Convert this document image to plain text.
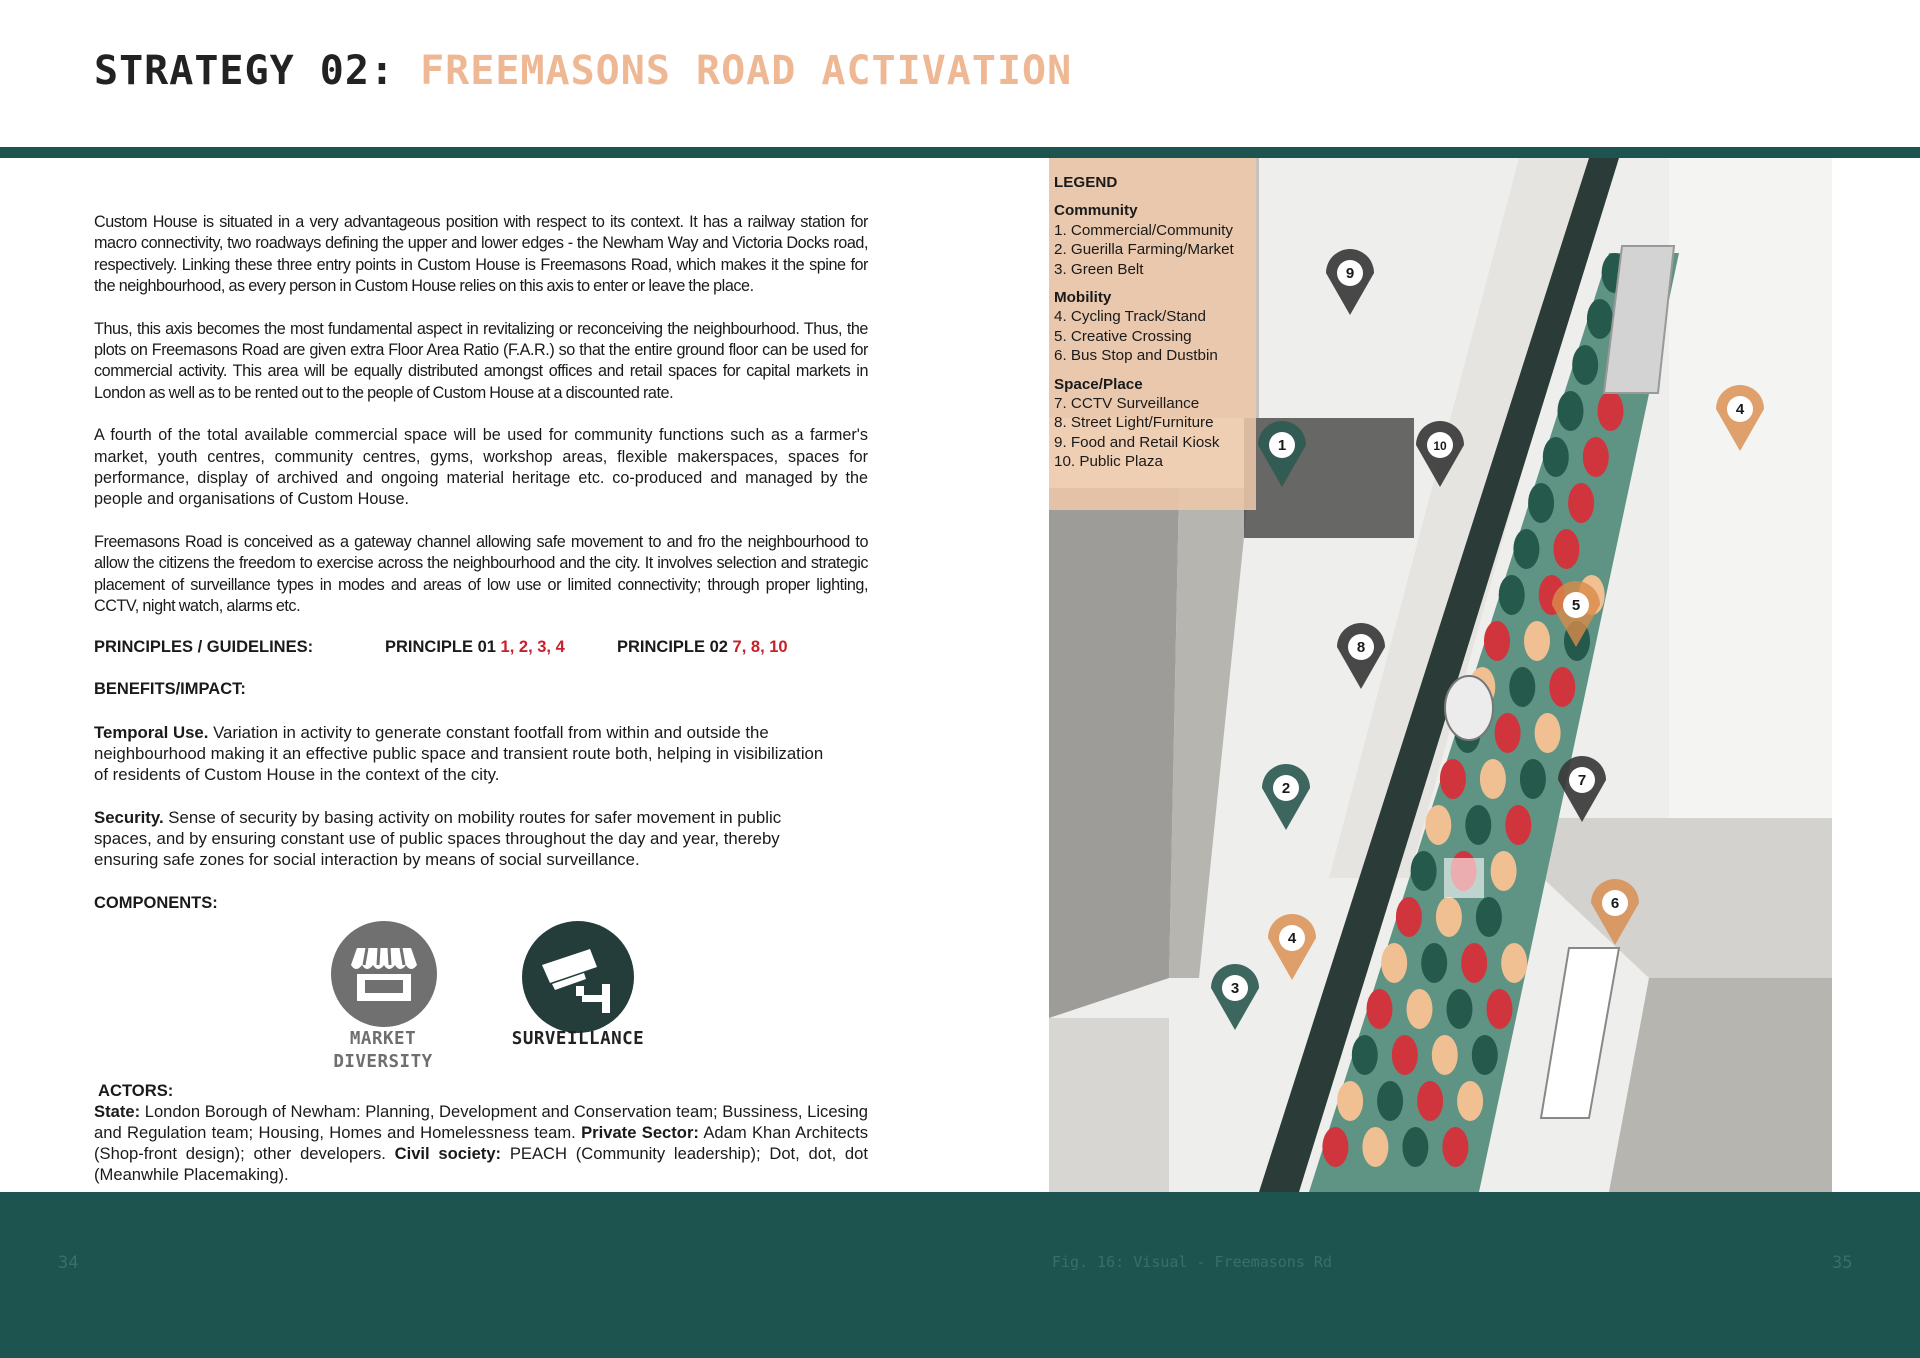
STRATEGY 02: FREEMASONS ROAD ACTIVATION

Custom House is situated in a very advantageous position with respect to its context. It has a railway station for macro connectivity, two roadways defining the upper and lower edges - the Newham Way and Victoria Docks road, respectively. Linking these three entry points in Custom House is Freemasons Road, which makes it the spine for the neighbourhood, as every person in Custom House relies on this axis to enter or leave the place.

Thus, this axis becomes the most fundamental aspect in revitalizing or reconceiving the neighbourhood. Thus, the plots on Freemasons Road are given extra Floor Area Ratio (F.A.R.) so that the entire ground floor can be used for commercial activity. This area will be equally distributed amongst offices and retail spaces for capital markets in London as well as to be rented out to the people of Custom House at a discounted rate.

A fourth of the total available commercial space will be used for community functions such as a farmer's market, youth centres, community centres, gyms, workshop areas, flexible makerspaces, spaces for performance, display of archived and ongoing material heritage etc. co-produced and managed by the people and organisations of Custom House.

Freemasons Road is conceived as a gateway channel allowing safe movement to and fro the neighbourhood to allow the citizens the freedom to exercise across the neighbourhood and the city. It involves selection and strategic placement of surveillance types in modes and areas of low use or limited connectivity; through proper lighting, CCTV, night watch, alarms etc.

PRINCIPLES / GUIDELINES:	PRINCIPLE 01 1, 2, 3, 4	PRINCIPLE 02 7, 8, 10
BENEFITS/IMPACT:
Temporal Use. Variation in activity to generate constant footfall from within and outside the neighbourhood making it an effective public space and transient route both, helping in visibilization of residents of Custom House in the context of the city.
Security. Sense of security by basing activity on mobility routes for safer movement in public spaces, and by ensuring constant use of public spaces throughout the day and year, thereby ensuring safe zones for social interaction by means of social surveillance.
COMPONENTS:
MARKET
DIVERSITY
SURVEILLANCE
ACTORS:

State: London Borough of Newham: Planning, Development and Conservation team; Bussiness, Licesing and Regulation team; Housing, Homes and Homelessness team. Private Sector: Adam Khan Architects (Shop-front design); other developers. Civil society: PEACH (Community leadership); Dot, dot, dot (Meanwhile Placemaking).

9
1	10
4
5
8
2	7
6
4
3
LEGEND
Community
1. Commercial/Community
2. Guerilla Farming/Market
3. Green Belt
Mobility
4. Cycling Track/Stand
5. Creative Crossing
6. Bus Stop and Dustbin
Space/Place
7. CCTV Surveillance
8. Street Light/Furniture
9. Food and Retail Kiosk
10. Public Plaza
34	Fig. 16: Visual - Freemasons Rd	35
